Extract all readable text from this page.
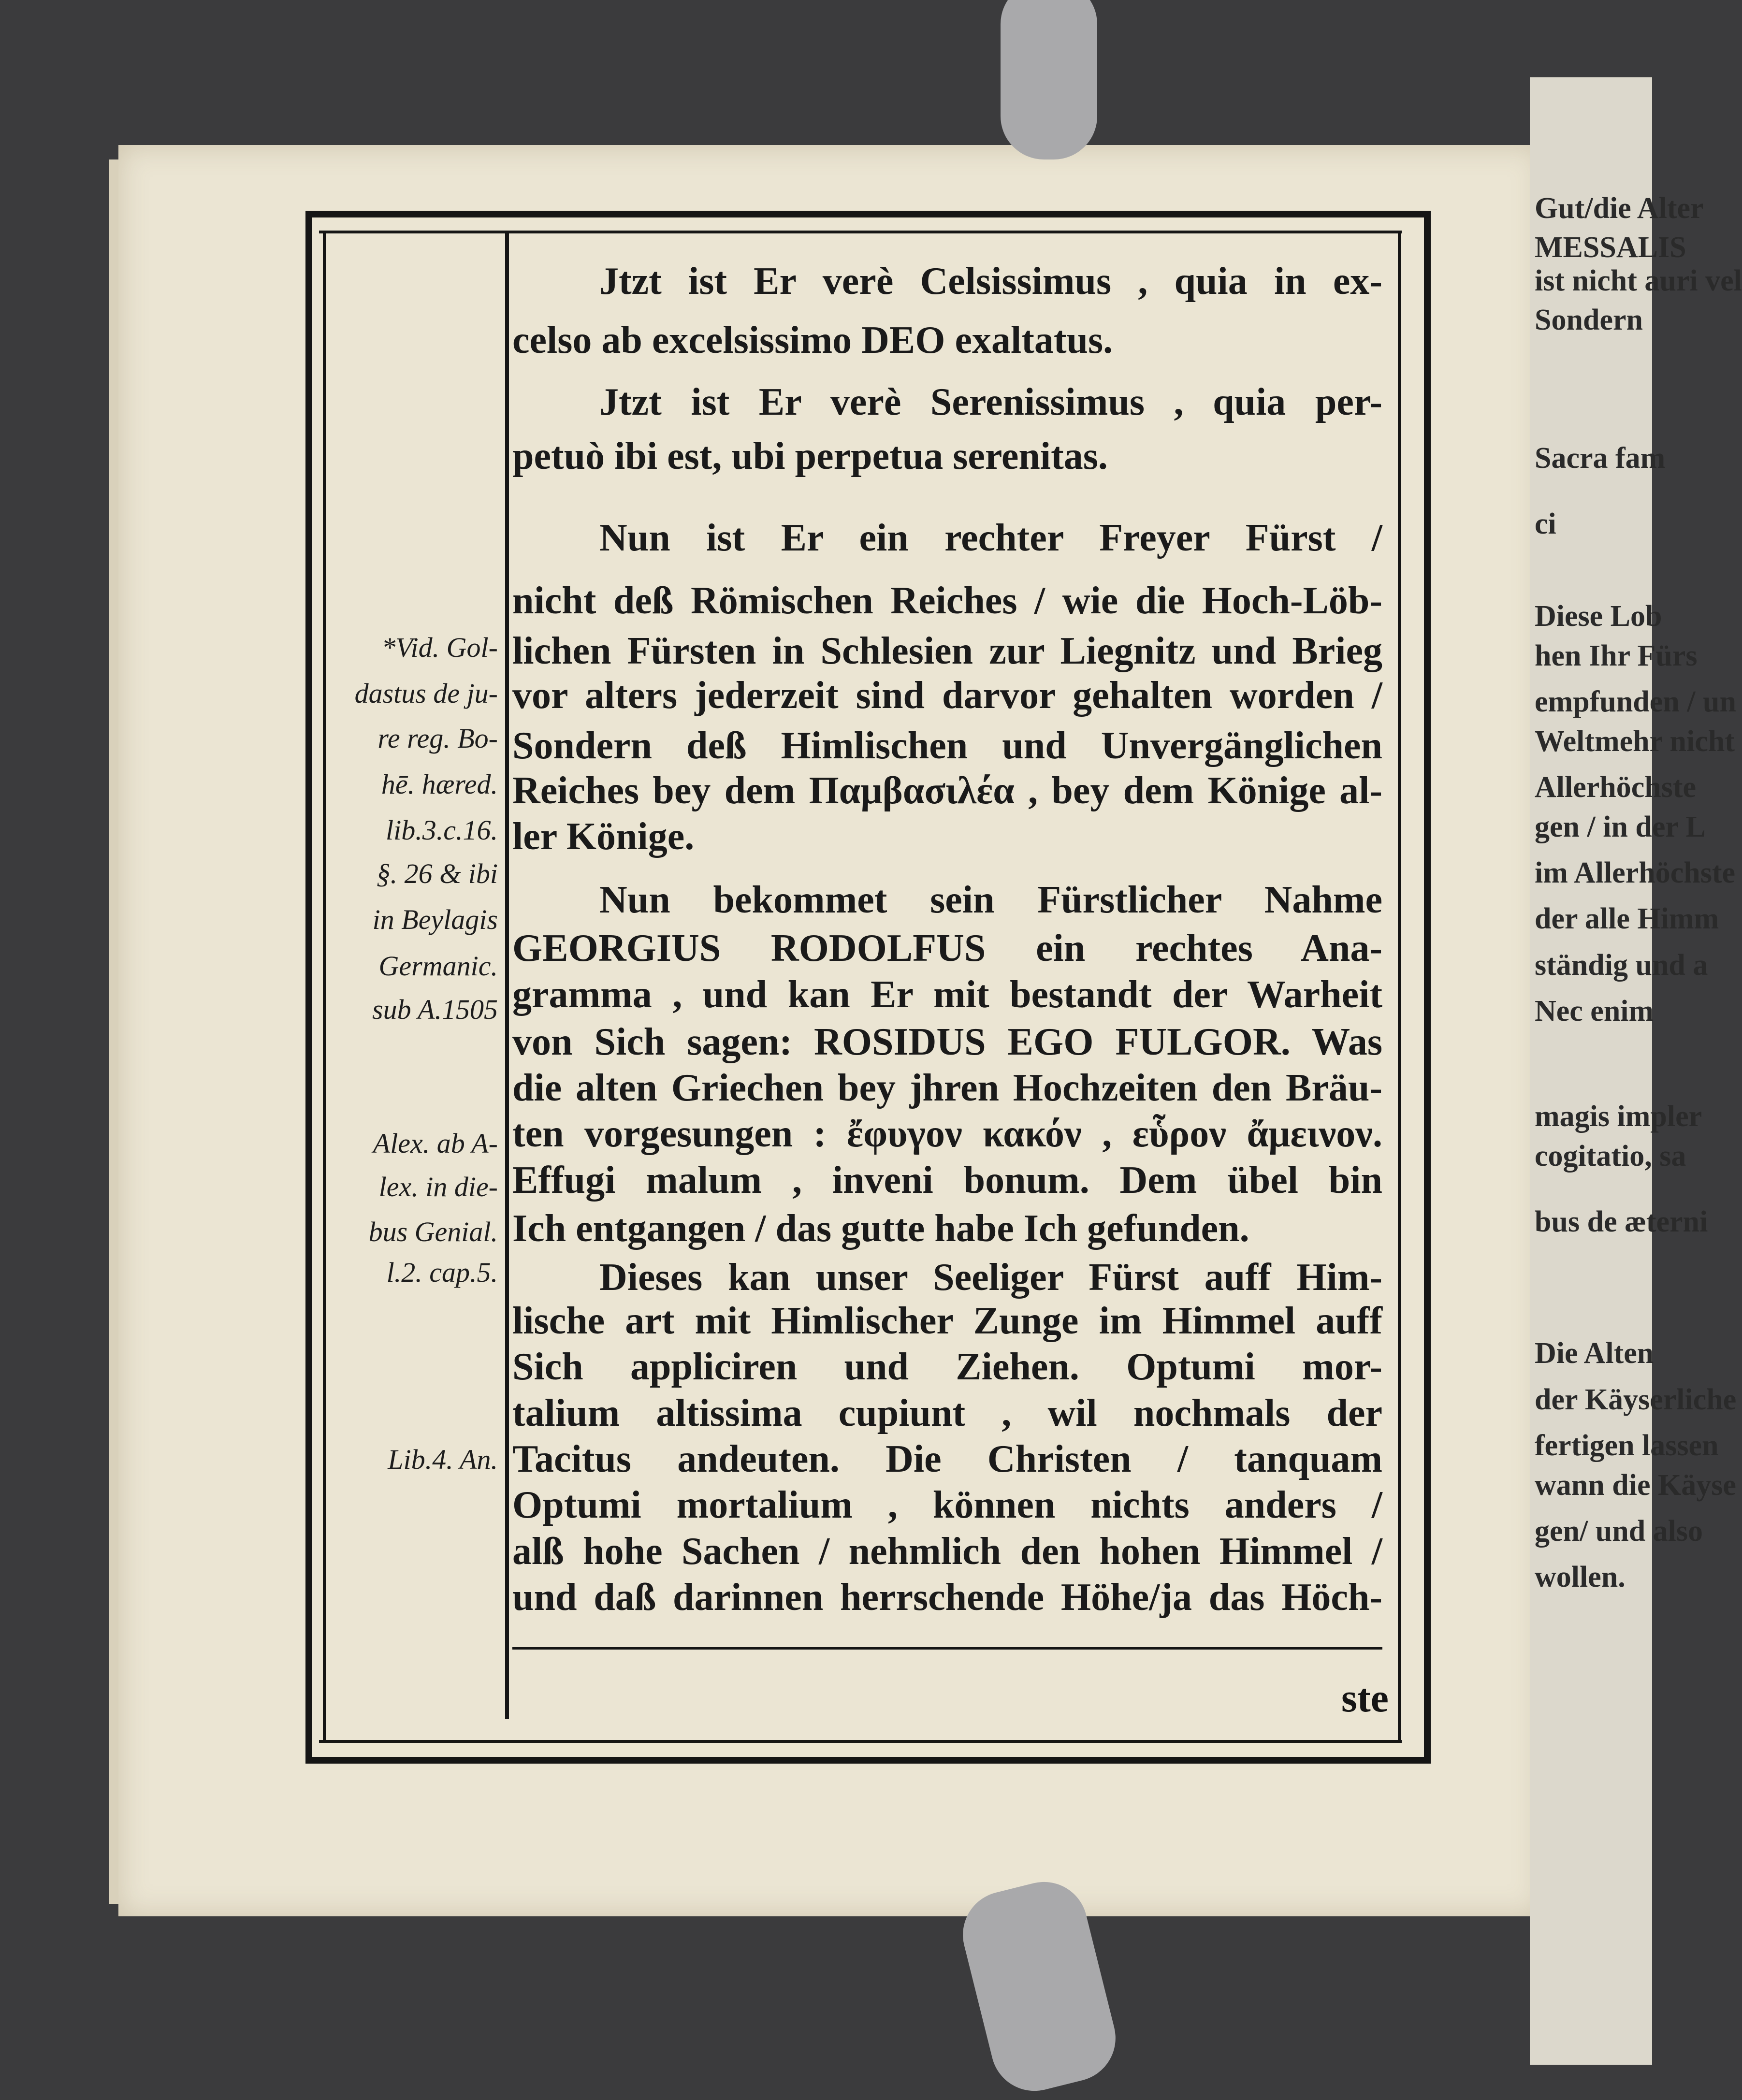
Gut/die Alter
MESSALIS
ist nicht auri vel
Sondern
Sacra fam
ci
Diese Lob
hen Ihr Fürs
empfunden / un
Weltmehr nicht
Allerhöchste
gen / in der L
im Allerhöchste
der alle Himm
ständig und a
Nec enim
magis impler
cogitatio, sa
bus de æterni
Die Alten
der Käyserliche
fertigen lassen
wann die Käyse
gen/ und also
wollen.
Jtzt ist Er verè Celsissimus , quia in ex-
celso ab excelsissimo DEO exaltatus.
Jtzt ist Er verè Serenissimus , quia per-
petuò ibi est, ubi perpetua serenitas.
Nun ist Er ein rechter Freyer Fürst /
nicht deß Römischen Reiches / wie die Hoch-Löb-
lichen Fürsten in Schlesien zur Liegnitz und Brieg
vor alters jederzeit sind darvor gehalten worden /
Sondern deß Himlischen und Unvergänglichen
Reiches bey dem Παμβασιλέα , bey dem Könige al-
ler Könige.
Nun bekommet sein Fürstlicher Nahme
GEORGIUS RODOLFUS ein rechtes Ana-
gramma , und kan Er mit bestandt der Warheit
von Sich sagen: ROSIDUS EGO FULGOR. Was
die alten Griechen bey jhren Hochzeiten den Bräu-
ten vorgesungen : ἔφυγον κακόν , εὗρον ἄμεινον.
Effugi malum , inveni bonum. Dem übel bin
Ich entgangen / das gutte habe Ich gefunden.
Dieses kan unser Seeliger Fürst auff Him-
lische art mit Himlischer Zunge im Himmel auff
Sich appliciren und Ziehen. Optumi mor-
talium altissima cupiunt , wil nochmals der
Tacitus andeuten. Die Christen / tanquam
Optumi mortalium , können nichts anders /
alß hohe Sachen / nehmlich den hohen Himmel /
und daß darinnen herrschende Höhe/ja das Höch-
*Vid. Gol-
dastus de ju-
re reg. Bo-
hē. hæred.
lib.3.c.16.
§. 26 & ibi
in Beylagis
Germanic.
sub A.1505
Alex. ab A-
lex. in die-
bus Genial.
l.2. cap.5.
Lib.4. An.
ste
